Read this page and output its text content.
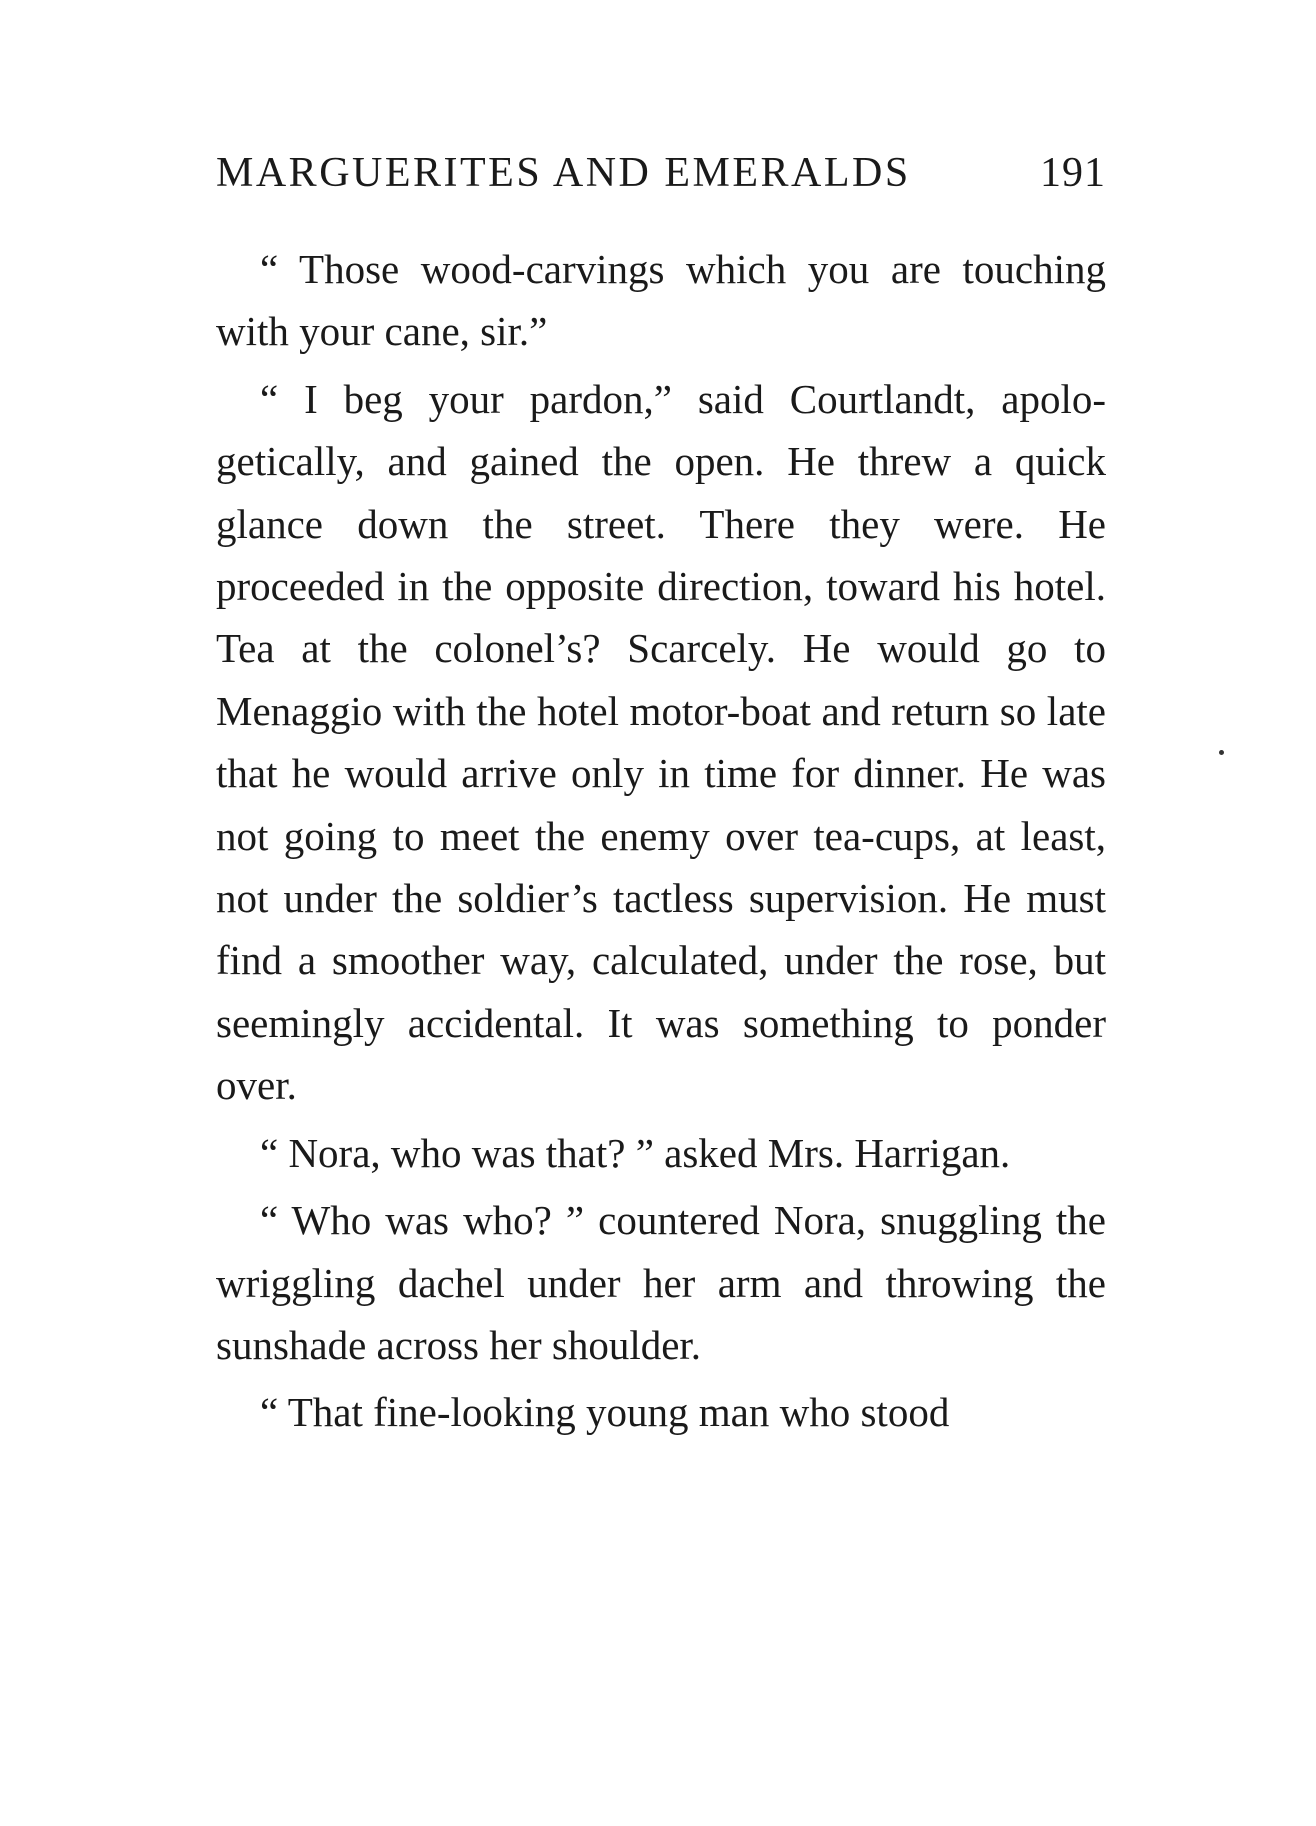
MARGUERITES AND EMERALDS	191

“ Those wood-carvings which you are touching with your cane, sir.”

“ I beg your pardon,” said Courtlandt, apologetically, and gained the open. He threw a quick glance down the street. There they were. He proceeded in the opposite direction, toward his hotel. Tea at the colonel’s? Scarcely. He would go to Menaggio with the hotel motor-boat and return so late that he would arrive only in time for dinner. He was not going to meet the enemy over tea-cups, at least, not under the soldier’s tactless supervision. He must find a smoother way, calculated, under the rose, but seemingly accidental. It was something to ponder over.

“ Nora, who was that? ” asked Mrs. Harrigan.

“ Who was who? ” countered Nora, snuggling the wriggling dachel under her arm and throwing the sunshade across her shoulder.

“ That fine-looking young man who stood
